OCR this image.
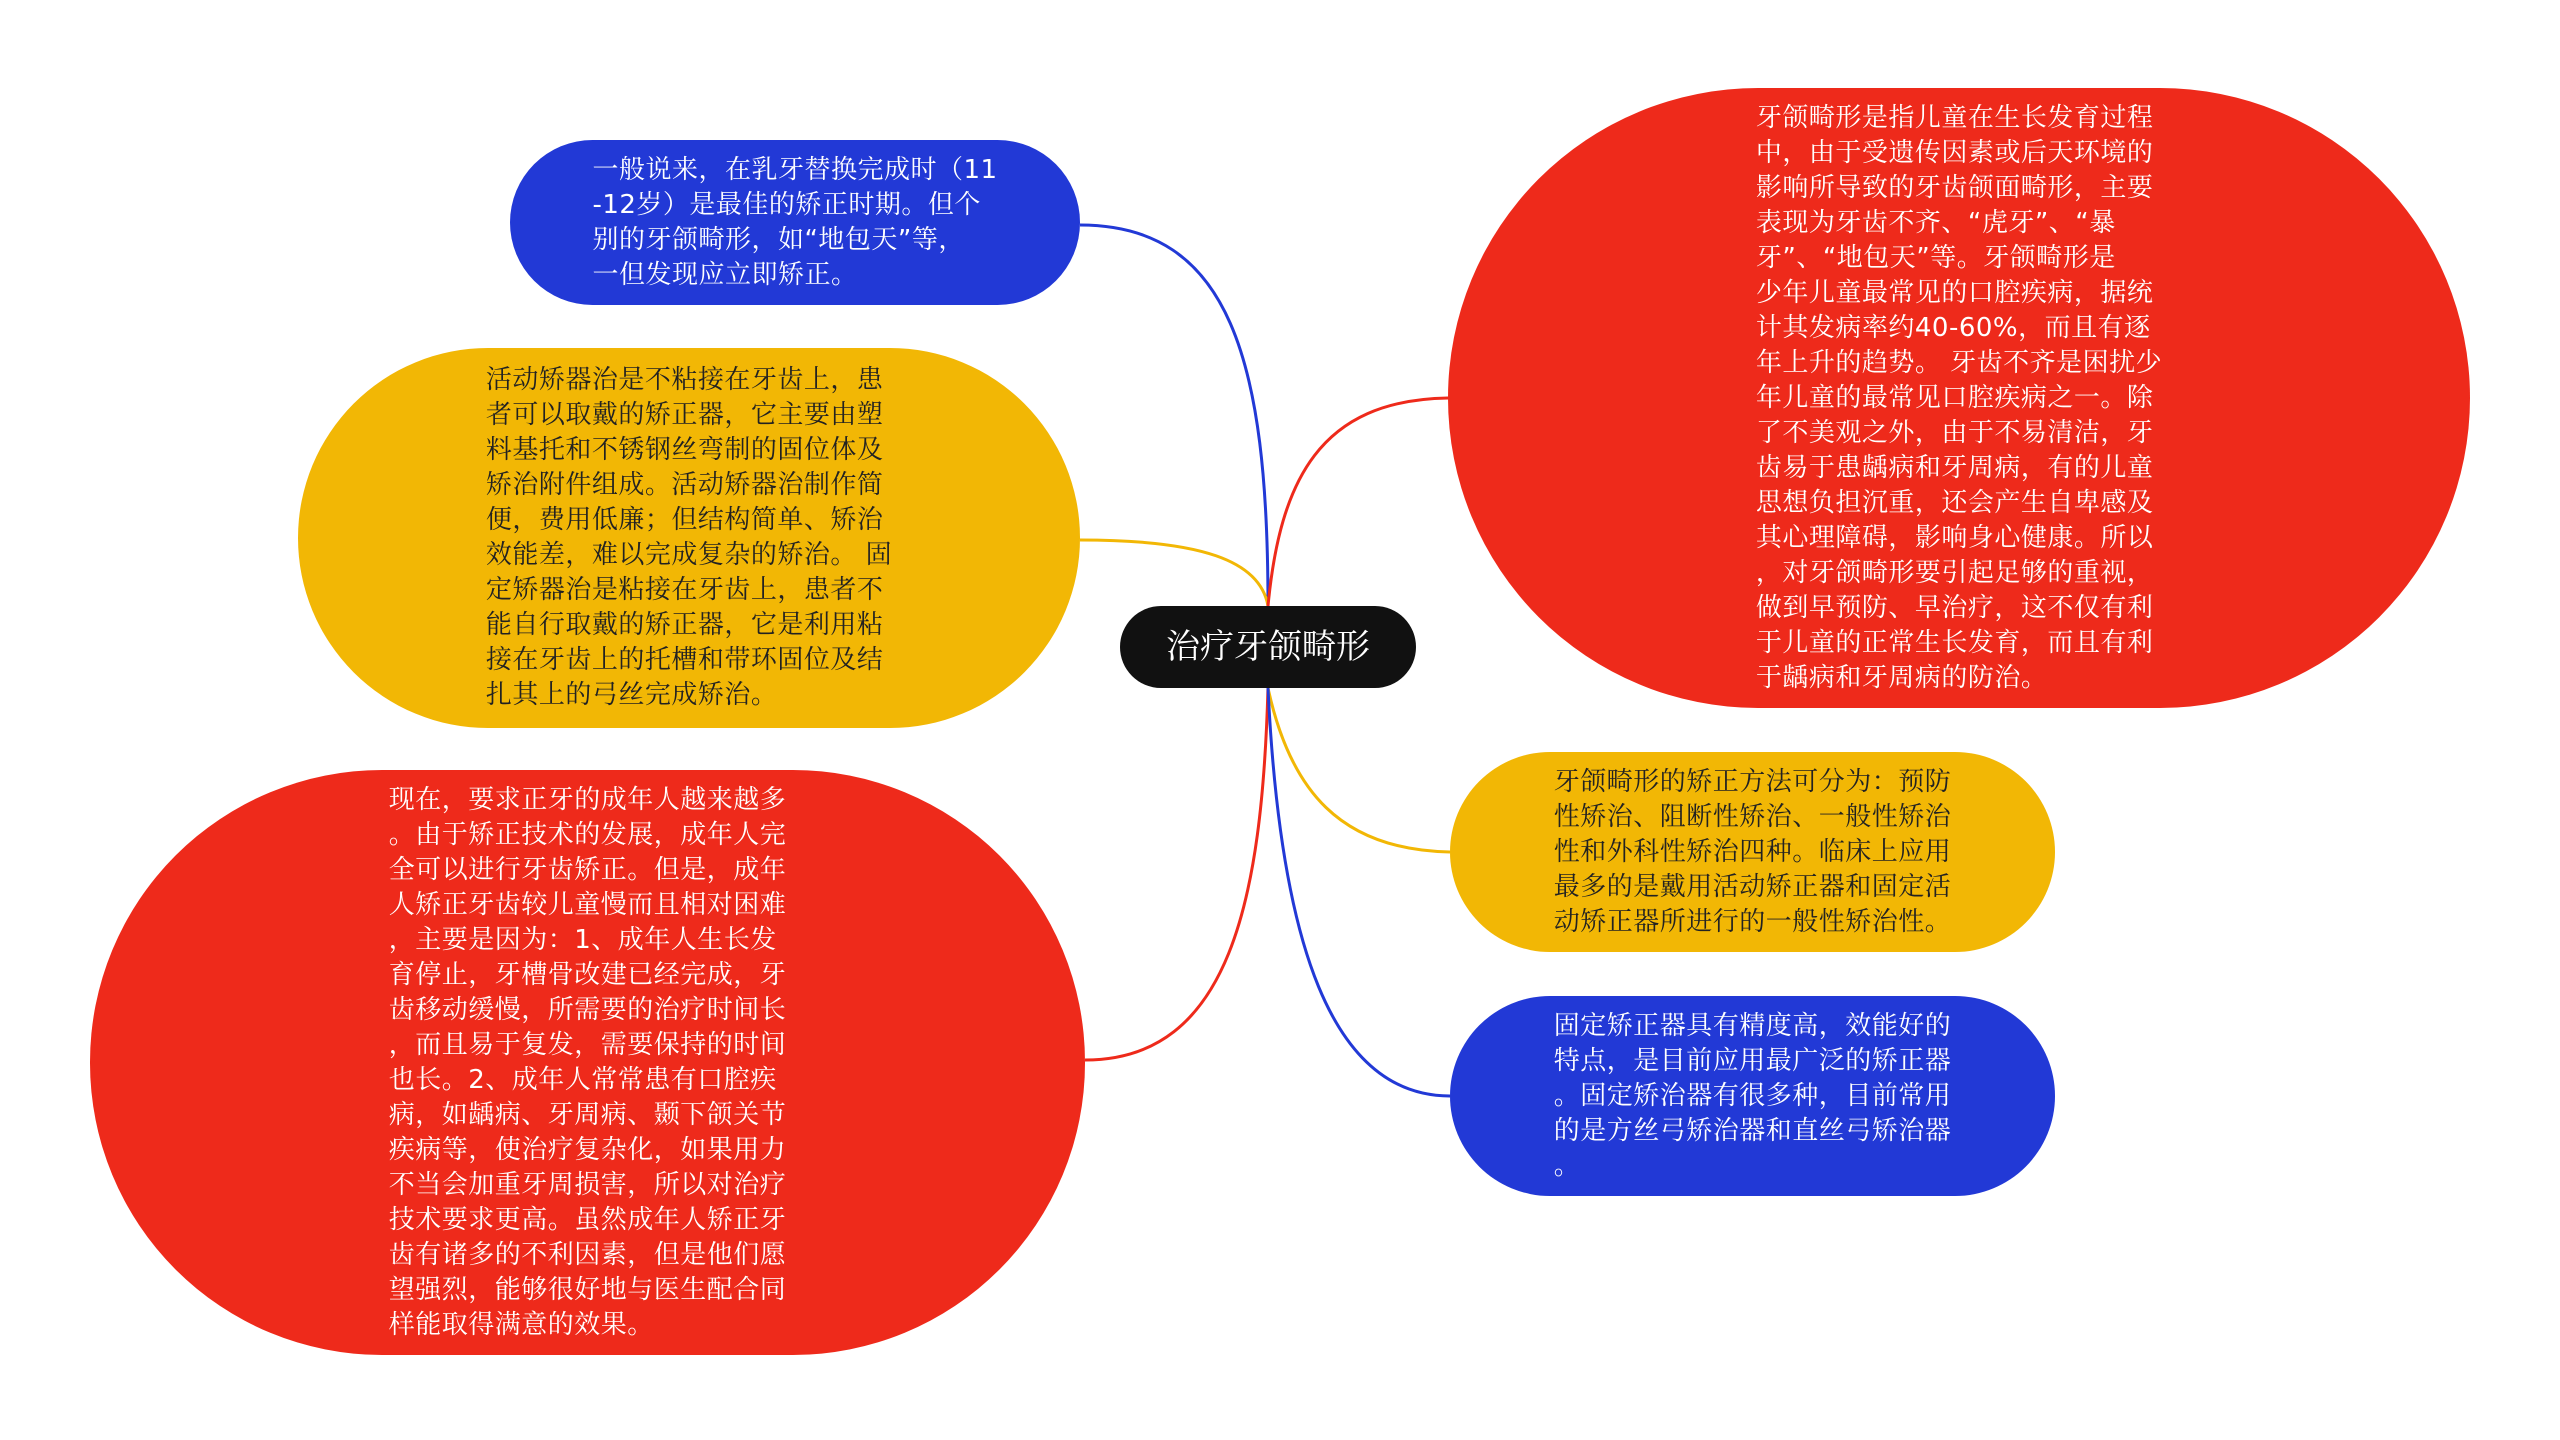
一般说来，在乳牙替换完成时（11
-12岁）是最佳的矫正时期。但个
别的牙颌畸形，如“地包天”等，
一但发现应立即矫正。
活动矫器治是不粘接在牙齿上，患
者可以取戴的矫正器，它主要由塑
料基托和不锈钢丝弯制的固位体及
矫治附件组成。活动矫器治制作简
便，费用低廉；但结构简单、矫治
效能差，难以完成复杂的矫治。 固
定矫器治是粘接在牙齿上，患者不
能自行取戴的矫正器，它是利用粘
接在牙齿上的托槽和带环固位及结
扎其上的弓丝完成矫治。
现在，要求正牙的成年人越来越多
。由于矫正技术的发展，成年人完
全可以进行牙齿矫正。但是，成年
人矫正牙齿较儿童慢而且相对困难
，主要是因为：1、成年人生长发
育停止，牙槽骨改建已经完成，牙
齿移动缓慢，所需要的治疗时间长
，而且易于复发，需要保持的时间
也长。2、成年人常常患有口腔疾
病，如龋病、牙周病、颞下颌关节
疾病等，使治疗复杂化，如果用力
不当会加重牙周损害，所以对治疗
技术要求更高。虽然成年人矫正牙
齿有诸多的不利因素，但是他们愿
望强烈，能够很好地与医生配合同
样能取得满意的效果。
治疗牙颌畸形
牙颌畸形是指儿童在生长发育过程
中，由于受遗传因素或后天环境的
影响所导致的牙齿颌面畸形，主要
表现为牙齿不齐、“虎牙”、“暴
牙”、“地包天”等。牙颌畸形是
少年儿童最常见的口腔疾病，据统
计其发病率约40-60%，而且有逐
年上升的趋势。 牙齿不齐是困扰少
年儿童的最常见口腔疾病之一。除
了不美观之外，由于不易清洁，牙
齿易于患龋病和牙周病，有的儿童
思想负担沉重，还会产生自卑感及
其心理障碍，影响身心健康。所以
，对牙颌畸形要引起足够的重视，
做到早预防、早治疗，这不仅有利
于儿童的正常生长发育，而且有利
于龋病和牙周病的防治。
牙颌畸形的矫正方法可分为：预防
性矫治、阻断性矫治、一般性矫治
性和外科性矫治四种。临床上应用
最多的是戴用活动矫正器和固定活
动矫正器所进行的一般性矫治性。
固定矫正器具有精度高，效能好的
特点，是目前应用最广泛的矫正器
。固定矫治器有很多种，目前常用
的是方丝弓矫治器和直丝弓矫治器
。
